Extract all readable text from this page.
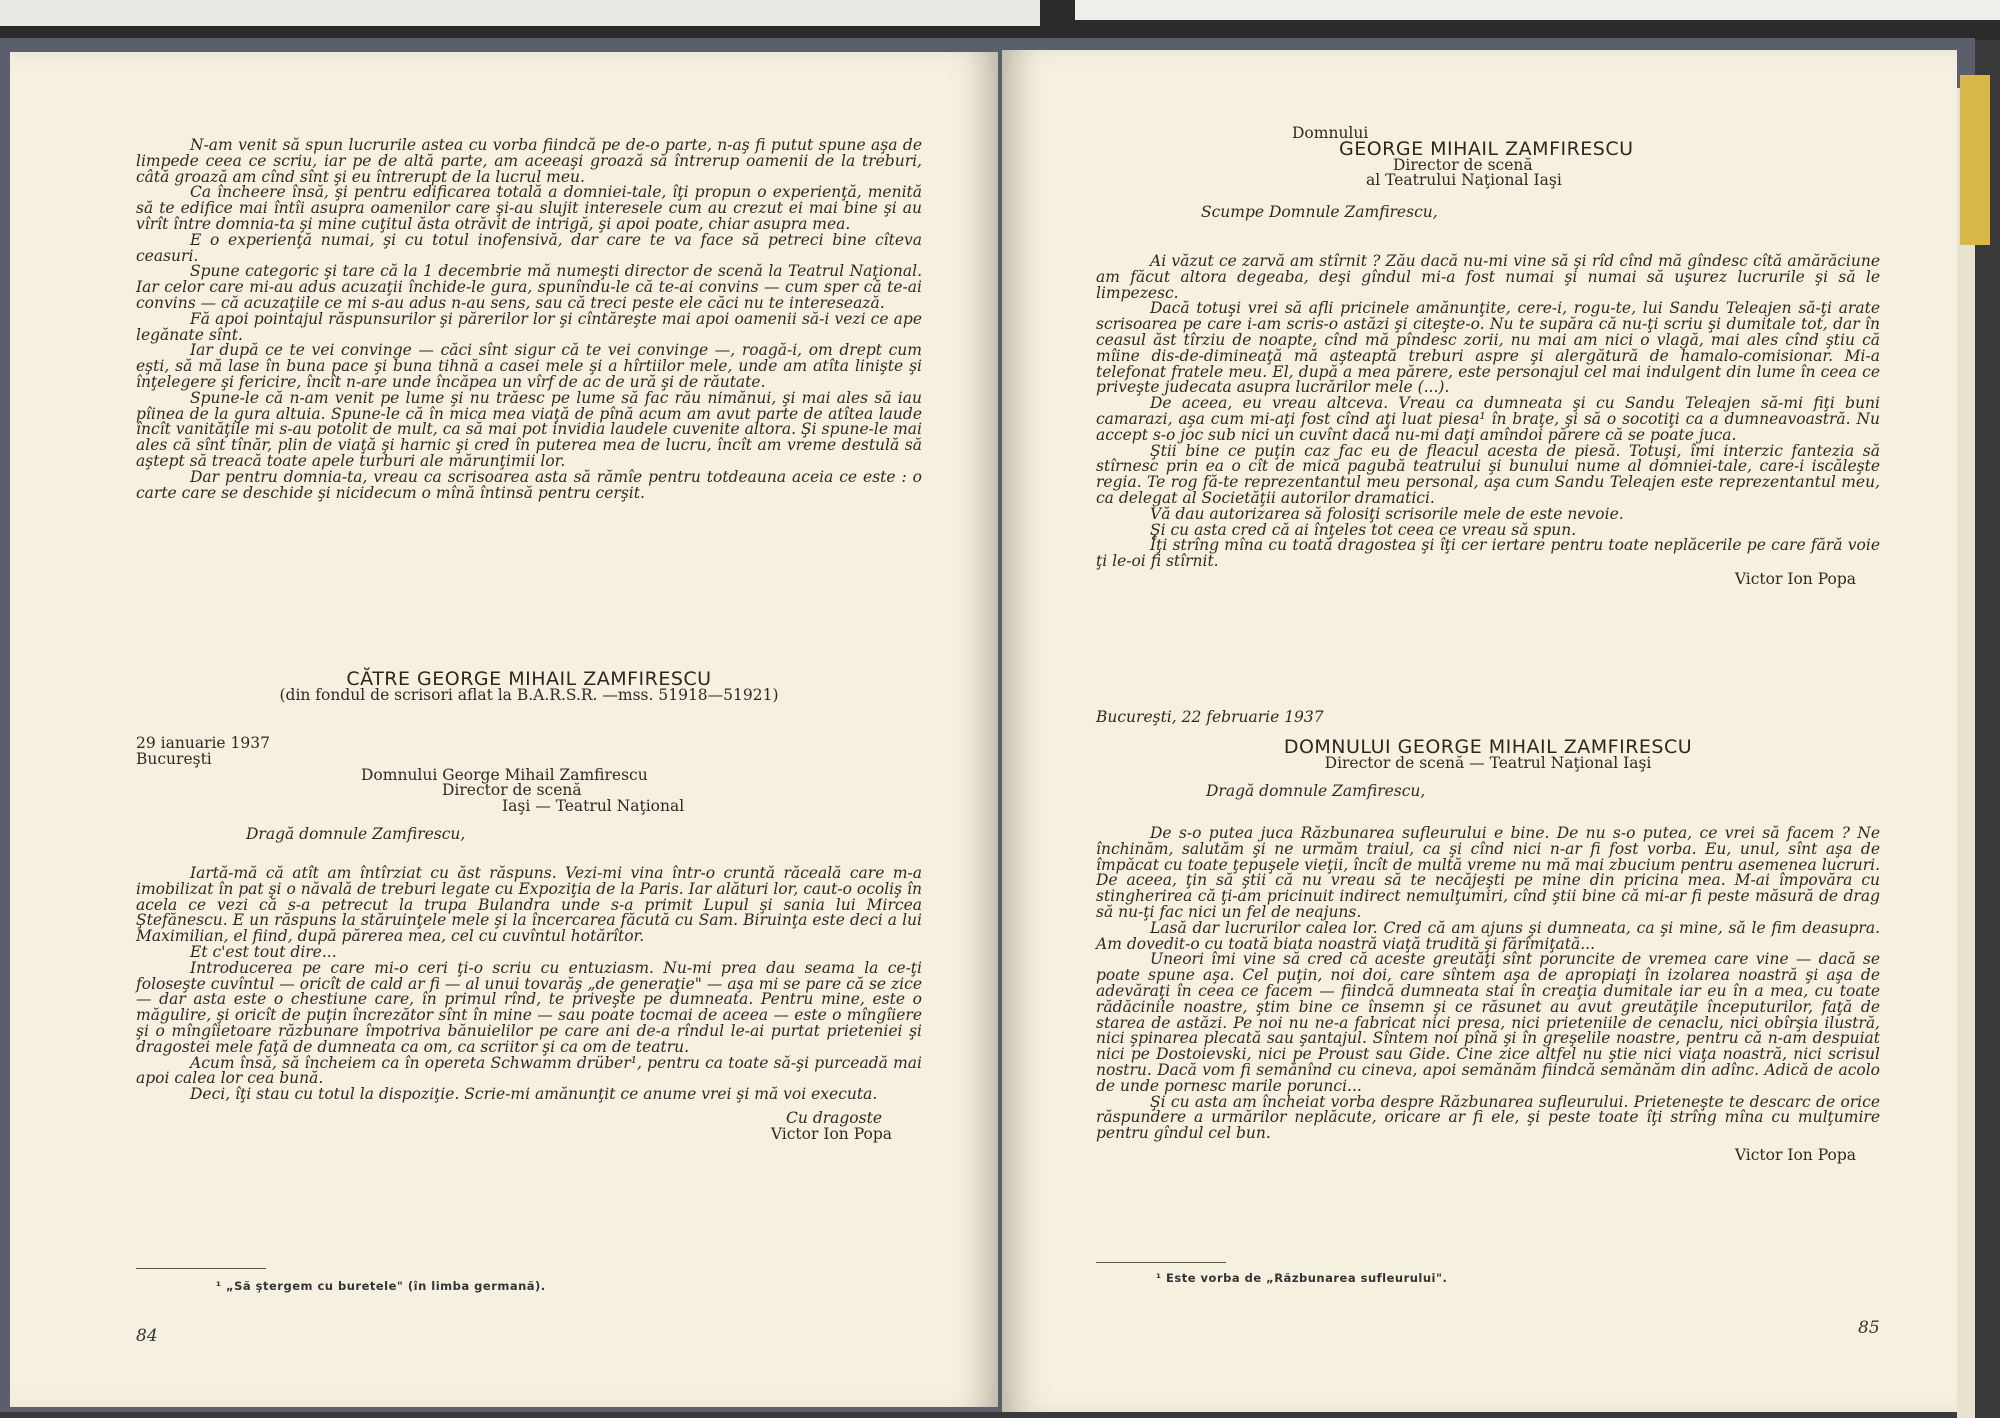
N-am venit să spun lucrurile astea cu vorba fiindcă pe de-o parte, n-aş fi putut spune aşa de limpede ceea ce scriu, iar pe de altă parte, am aceeaşi groază să întrerup oamenii de la treburi, câtă groază am cînd sînt şi eu întrerupt de la lucrul meu.

Ca încheere însă, şi pentru edificarea totală a domniei-tale, îţi propun o experienţă, menită să te edifice mai întîi asupra oamenilor care şi-au slujit interesele cum au crezut ei mai bine şi au vîrît între domnia-ta şi mine cuţitul ăsta otrăvit de intrigă, şi apoi poate, chiar asupra mea.

E o experienţă numai, şi cu totul inofensivă, dar care te va face să petreci bine cîteva ceasuri.

Spune categoric şi tare că la 1 decembrie mă numeşti director de scenă la Teatrul Naţional. Iar celor care mi-au adus acuzaţii închide-le gura, spunîndu-le că te-ai convins — cum sper că te-ai convins — că acuzaţiile ce mi s-au adus n-au sens, sau că treci peste ele căci nu te interesează.

Fă apoi pointajul răspunsurilor şi părerilor lor şi cîntăreşte mai apoi oamenii să-i vezi ce ape legănate sînt.

Iar după ce te vei convinge — căci sînt sigur că te vei convinge —, roagă-i, om drept cum eşti, să mă lase în buna pace şi buna tihnă a casei mele şi a hîrtiilor mele, unde am atîta linişte şi înţelegere şi fericire, încît n-are unde încăpea un vîrf de ac de ură şi de răutate.

Spune-le că n-am venit pe lume şi nu trăesc pe lume să fac rău nimănui, şi mai ales să iau pîinea de la gura altuia. Spune-le că în mica mea viaţă de pînă acum am avut parte de atîtea laude încît vanităţile mi s-au potolit de mult, ca să mai pot invidia laudele cuvenite altora. Şi spune-le mai ales că sînt tînăr, plin de viaţă şi harnic şi cred în puterea mea de lucru, încît am vreme destulă să aştept să treacă toate apele turburi ale mărunţimii lor.

Dar pentru domnia-ta, vreau ca scrisoarea asta să rămîe pentru totdeauna aceia ce este : o carte care se deschide şi nicidecum o mînă întinsă pentru cerşit.

CĂTRE GEORGE MIHAIL ZAMFIRESCU
(din fondul de scrisori aflat la B.A.R.S.R. —mss. 51918—51921)
29 ianuarie 1937
Bucureşti
Domnului George Mihail Zamfirescu
Director de scenă
Iaşi — Teatrul Naţional
Dragă domnule Zamfirescu,

Iartă-mă că atît am întîrziat cu ăst răspuns. Vezi-mi vina într-o cruntă răceală care m-a imobilizat în pat şi o năvală de treburi legate cu Expoziţia de la Paris. Iar alături lor, caut-o ocoliş în acela ce vezi că s-a petrecut la trupa Bulandra unde s-a primit Lupul şi sania lui Mircea Ştefănescu. E un răspuns la stăruinţele mele şi la încercarea făcută cu Sam. Biruinţa este deci a lui Maximilian, el fiind, după părerea mea, cel cu cuvîntul hotărîtor.

Et c'est tout dire...

Introducerea pe care mi-o ceri ţi-o scriu cu entuziasm. Nu-mi prea dau seama la ce-ţi foloseşte cuvîntul — oricît de cald ar fi — al unui tovarăş „de generaţie" — aşa mi se pare că se zice — dar asta este o chestiune care, în primul rînd, te priveşte pe dumneata. Pentru mine, este o măgulire, şi oricît de puţin încrezător sînt în mine — sau poate tocmai de aceea — este o mîngîiere şi o mîngîietoare răzbunare împotriva bănuielilor pe care ani de-a rîndul le-ai purtat prieteniei şi dragostei mele faţă de dumneata ca om, ca scriitor şi ca om de teatru.

Acum însă, să încheiem ca în opereta Schwamm drüber¹, pentru ca toate să-şi purceadă mai apoi calea lor cea bună.

Deci, îţi stau cu totul la dispoziţie. Scrie-mi amănunţit ce anume vrei şi mă voi executa.

Cu dragoste
Victor Ion Popa
¹ „Să ştergem cu buretele" (în limba germană).
84
Domnului
GEORGE MIHAIL ZAMFIRESCU
Director de scenă
al Teatrului Naţional Iaşi
Scumpe Domnule Zamfirescu,

Ai văzut ce zarvă am stîrnit ? Zău dacă nu-mi vine să şi rîd cînd mă gîndesc cîtă amărăciune am făcut altora degeaba, deşi gîndul mi-a fost numai şi numai să uşurez lucrurile şi să le limpezesc.

Dacă totuşi vrei să afli pricinele amănunţite, cere-i, rogu-te, lui Sandu Teleajen să-ţi arate scrisoarea pe care i-am scris-o astăzi şi citeşte-o. Nu te supăra că nu-ţi scriu şi dumitale tot, dar în ceasul ăst tîrziu de noapte, cînd mă pîndesc zorii, nu mai am nici o vlagă, mai ales cînd ştiu că mîine dis-de-dimineaţă mă aşteaptă treburi aspre şi alergătură de hamalo-comisionar. Mi-a telefonat fratele meu. El, după a mea părere, este personajul cel mai indulgent din lume în ceea ce priveşte judecata asupra lucrărilor mele (...).

De aceea, eu vreau altceva. Vreau ca dumneata şi cu Sandu Teleajen să-mi fiţi buni camarazi, aşa cum mi-aţi fost cînd aţi luat piesa¹ în braţe, şi să o socotiţi ca a dumneavoastră. Nu accept s-o joc sub nici un cuvînt dacă nu-mi daţi amîndoi părere că se poate juca.

Ştii bine ce puţin caz fac eu de fleacul acesta de piesă. Totuşi, îmi interzic fantezia să stîrnesc prin ea o cît de mică pagubă teatrului şi bunului nume al domniei-tale, care-i iscăleşte regia. Te rog fă-te reprezentantul meu personal, aşa cum Sandu Teleajen este reprezentantul meu, ca delegat al Societăţii autorilor dramatici.

Vă dau autorizarea să folosiţi scrisorile mele de este nevoie.

Şi cu asta cred că ai înţeles tot ceea ce vreau să spun.

Îţi strîng mîna cu toată dragostea şi îţi cer iertare pentru toate neplăcerile pe care fără voie ţi le-oi fi stîrnit.

Victor Ion Popa
Bucureşti, 22 februarie 1937
DOMNULUI GEORGE MIHAIL ZAMFIRESCU
Director de scenă — Teatrul Naţional Iaşi
Dragă domnule Zamfirescu,

De s-o putea juca Răzbunarea sufleurului e bine. De nu s-o putea, ce vrei să facem ? Ne închinăm, salutăm şi ne urmăm traiul, ca şi cînd nici n-ar fi fost vorba. Eu, unul, sînt aşa de împăcat cu toate ţepuşele vieţii, încît de multă vreme nu mă mai zbucium pentru asemenea lucruri. De aceea, ţin să ştii că nu vreau să te necăjeşti pe mine din pricina mea. M-ai împovăra cu stingherirea că ţi-am pricinuit indirect nemulţumiri, cînd ştii bine că mi-ar fi peste măsură de drag să nu-ţi fac nici un fel de neajuns.

Lasă dar lucrurilor calea lor. Cred că am ajuns şi dumneata, ca şi mine, să le fim deasupra. Am dovedit-o cu toată biata noastră viaţă trudită şi fărîmiţată...

Uneori îmi vine să cred că aceste greutăţi sînt poruncite de vremea care vine — dacă se poate spune aşa. Cel puţin, noi doi, care sîntem aşa de apropiaţi în izolarea noastră şi aşa de adevăraţi în ceea ce facem — fiindcă dumneata stai în creaţia dumitale iar eu în a mea, cu toate rădăcinile noastre, ştim bine ce însemn şi ce răsunet au avut greutăţile începuturilor, faţă de starea de astăzi. Pe noi nu ne-a fabricat nici presa, nici prieteniile de cenaclu, nici obîrşia ilustră, nici şpinarea plecată sau şantajul. Sîntem noi pînă şi în greşelile noastre, pentru că n-am despuiat nici pe Dostoievski, nici pe Proust sau Gide. Cine zice altfel nu ştie nici viaţa noastră, nici scrisul nostru. Dacă vom fi semănînd cu cineva, apoi semănăm fiindcă semănăm din adînc. Adică de acolo de unde pornesc marile porunci...

Şi cu asta am încheiat vorba despre Răzbunarea sufleurului. Prieteneşte te descarc de orice răspundere a urmărilor neplăcute, oricare ar fi ele, şi peste toate îţi strîng mîna cu mulţumire pentru gîndul cel bun.

Victor Ion Popa
¹ Este vorba de „Răzbunarea sufleurului".
85
